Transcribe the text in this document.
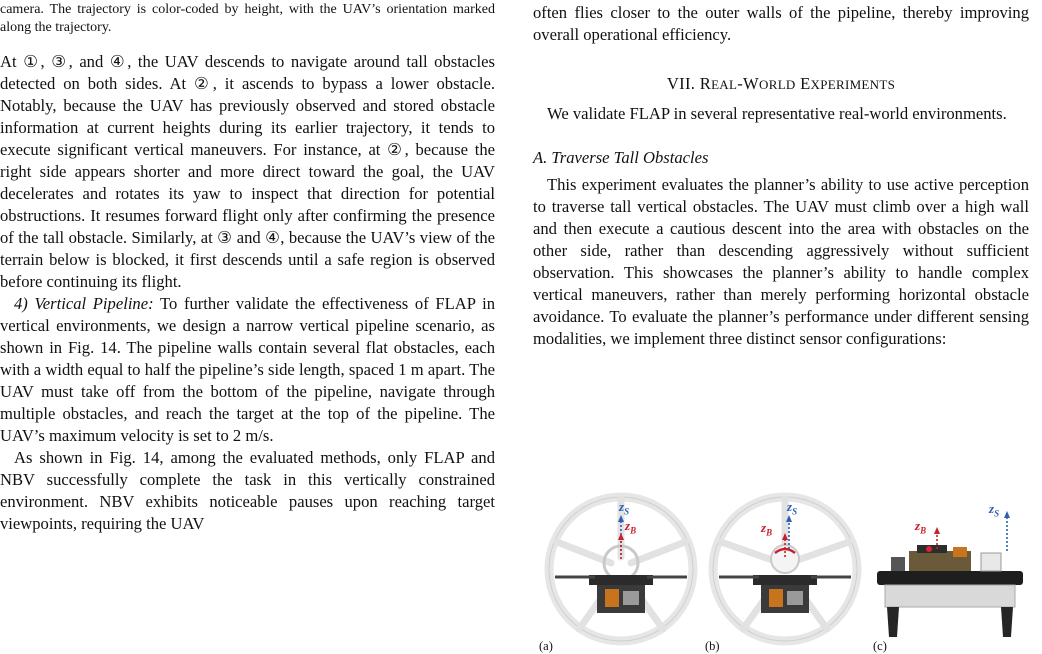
camera. The trajectory is color-coded by height, with the UAV’s orientation marked along the trajectory.

At ①, ③, and ④, the UAV descends to navigate around tall obstacles detected on both sides. At ②, it ascends to bypass a lower obstacle. Notably, because the UAV has previously observed and stored obstacle information at current heights during its earlier trajectory, it tends to execute significant vertical maneuvers. For instance, at ②, because the right side appears shorter and more direct toward the goal, the UAV decelerates and rotates its yaw to inspect that direction for potential obstructions. It resumes forward flight only after confirming the presence of the tall obstacle. Similarly, at ③ and ④, because the UAV’s view of the terrain below is blocked, it first descends until a safe region is observed before continuing its flight.

4) Vertical Pipeline: To further validate the effectiveness of FLAP in vertical environments, we design a narrow vertical pipeline scenario, as shown in Fig. 14. The pipeline walls contain several flat obstacles, each with a width equal to half the pipeline’s side length, spaced 1 m apart. The UAV must take off from the bottom of the pipeline, navigate through multiple obstacles, and reach the target at the top of the pipeline. The UAV’s maximum velocity is set to 2 m/s.

As shown in Fig. 14, among the evaluated methods, only FLAP and NBV successfully complete the task in this vertically constrained environment. NBV exhibits noticeable pauses upon reaching target viewpoints, requiring the UAV

often flies closer to the outer walls of the pipeline, thereby improving overall operational efficiency.

VII. REAL-WORLD EXPERIMENTS

We validate FLAP in several representative real-world environments.

A. Traverse Tall Obstacles

This experiment evaluates the planner’s ability to use active perception to traverse tall vertical obstacles. The UAV must climb over a high wall and then execute a cautious descent into the area with obstacles on the other side, rather than descending aggressively without sufficient observation. This showcases the planner’s ability to handle complex vertical maneuvers, rather than merely performing horizontal obstacle avoidance. To evaluate the planner’s performance under different sensing modalities, we implement three distinct sensor configurations:

$z_S$
$z_B$
(a)
$z_S$
$z_B$
(b)
$z_S$
$z_B$
(c)
